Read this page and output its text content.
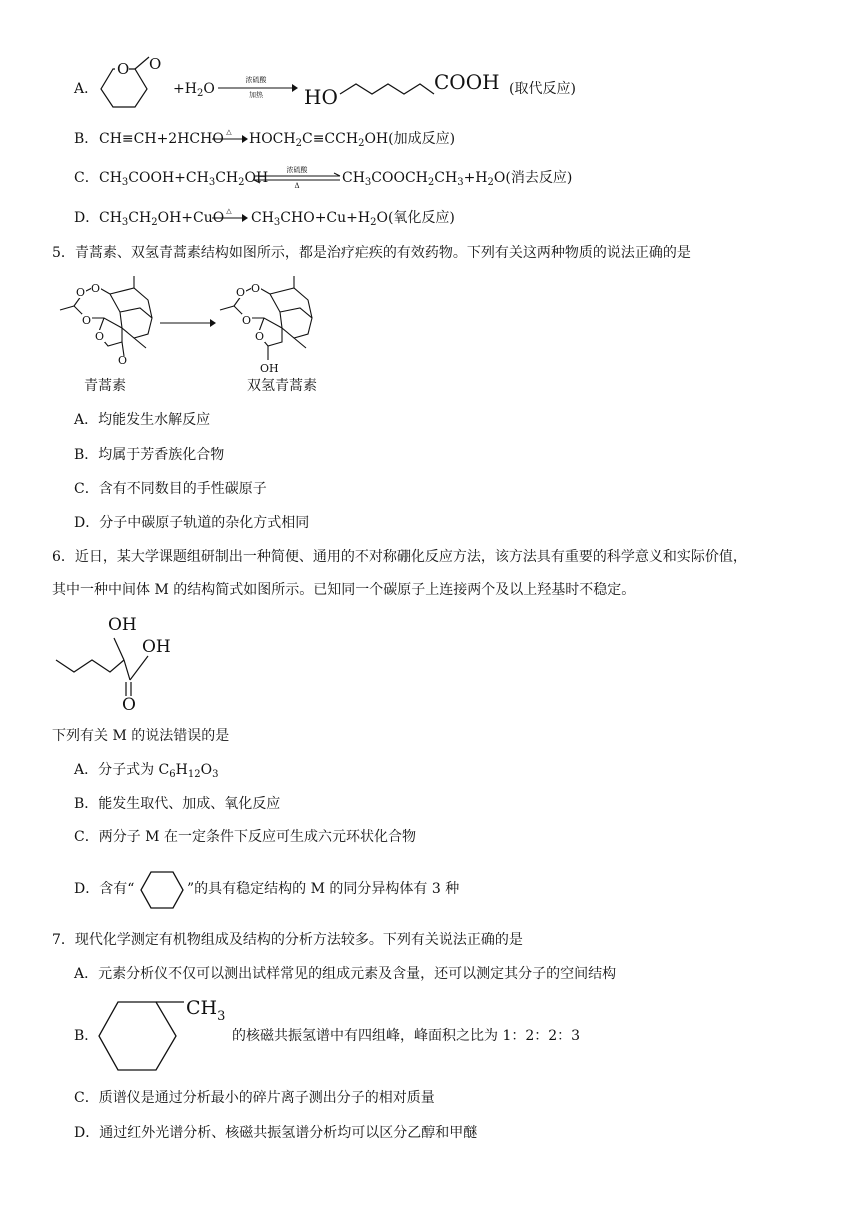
A．
O O
$+H_2O$
浓硫酸
加热	HO
COOH (取代反应)
B． CH≡CH+2HCHO △ → $HOCH_2C\equiv CCH_2OH$(加成反应)
C． $CH_3COOH+CH_3CH_2OH$	浓硫酸
Δ	$CH_3COOCH_2CH_3+H_2O$(消去反应)
D． $CH_3CH_2OH+CuO$ △ → $CH_3CHO+Cu+H_2O$(氧化反应)
5．青蒿素、双氢青蒿素结构如图所示，都是治疗疟疾的有效药物。下列有关这两种物质的说法正确的是
O O
O
O
O
青蒿素
O O
O
O
OH
双氢青蒿素
A．均能发生水解反应
B．均属于芳香族化合物
C．含有不同数目的手性碳原子
D．分子中碳原子轨道的杂化方式相同
6．近日，某大学课题组研制出一种简便、通用的不对称硼化反应方法，该方法具有重要的科学意义和实际价值，
其中一种中间体 M 的结构简式如图所示。已知同一个碳原子上连接两个及以上羟基时不稳定。
OH
OH
O
下列有关 M 的说法错误的是
A．分子式为 $C_6H_{12}O_3$
B．能发生取代、加成、氧化反应
C．两分子 M 在一定条件下反应可生成六元环状化合物
D．含有“	”的具有稳定结构的 M 的同分异构体有 3 种
7．现代化学测定有机物组成及结构的分析方法较多。下列有关说法正确的是
A．元素分析仪不仅可以测出试样常见的组成元素及含量，还可以测定其分子的空间结构
B．
$CH_3$
的核磁共振氢谱中有四组峰，峰面积之比为 1：2：2：3
C．质谱仪是通过分析最小的碎片离子测出分子的相对质量
D．通过红外光谱分析、核磁共振氢谱分析均可以区分乙醇和甲醚
